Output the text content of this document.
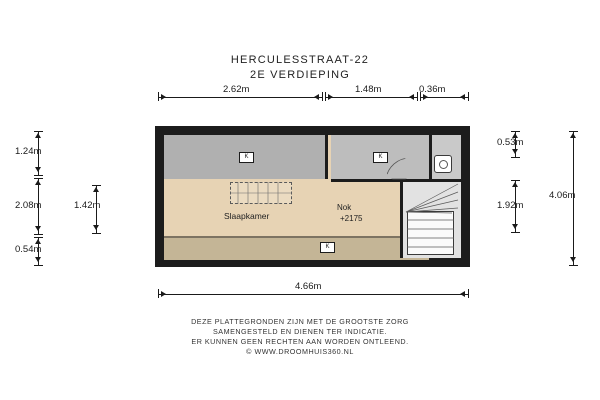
HERCULESSTRAAT-22
2E VERDIEPING
2.62m	1.48m	0.36m
1.24m
2.08m
0.54m
1.42m
Slaapkamer
Nok
+2175
K	K
K
0.53m
1.92m
4.06m
4.66m
DEZE PLATTEGRONDEN ZIJN MET DE GROOTSTE ZORG
SAMENGESTELD EN DIENEN TER INDICATIE.
ER KUNNEN GEEN RECHTEN AAN WORDEN ONTLEEND.
© WWW.DROOMHUIS360.NL
